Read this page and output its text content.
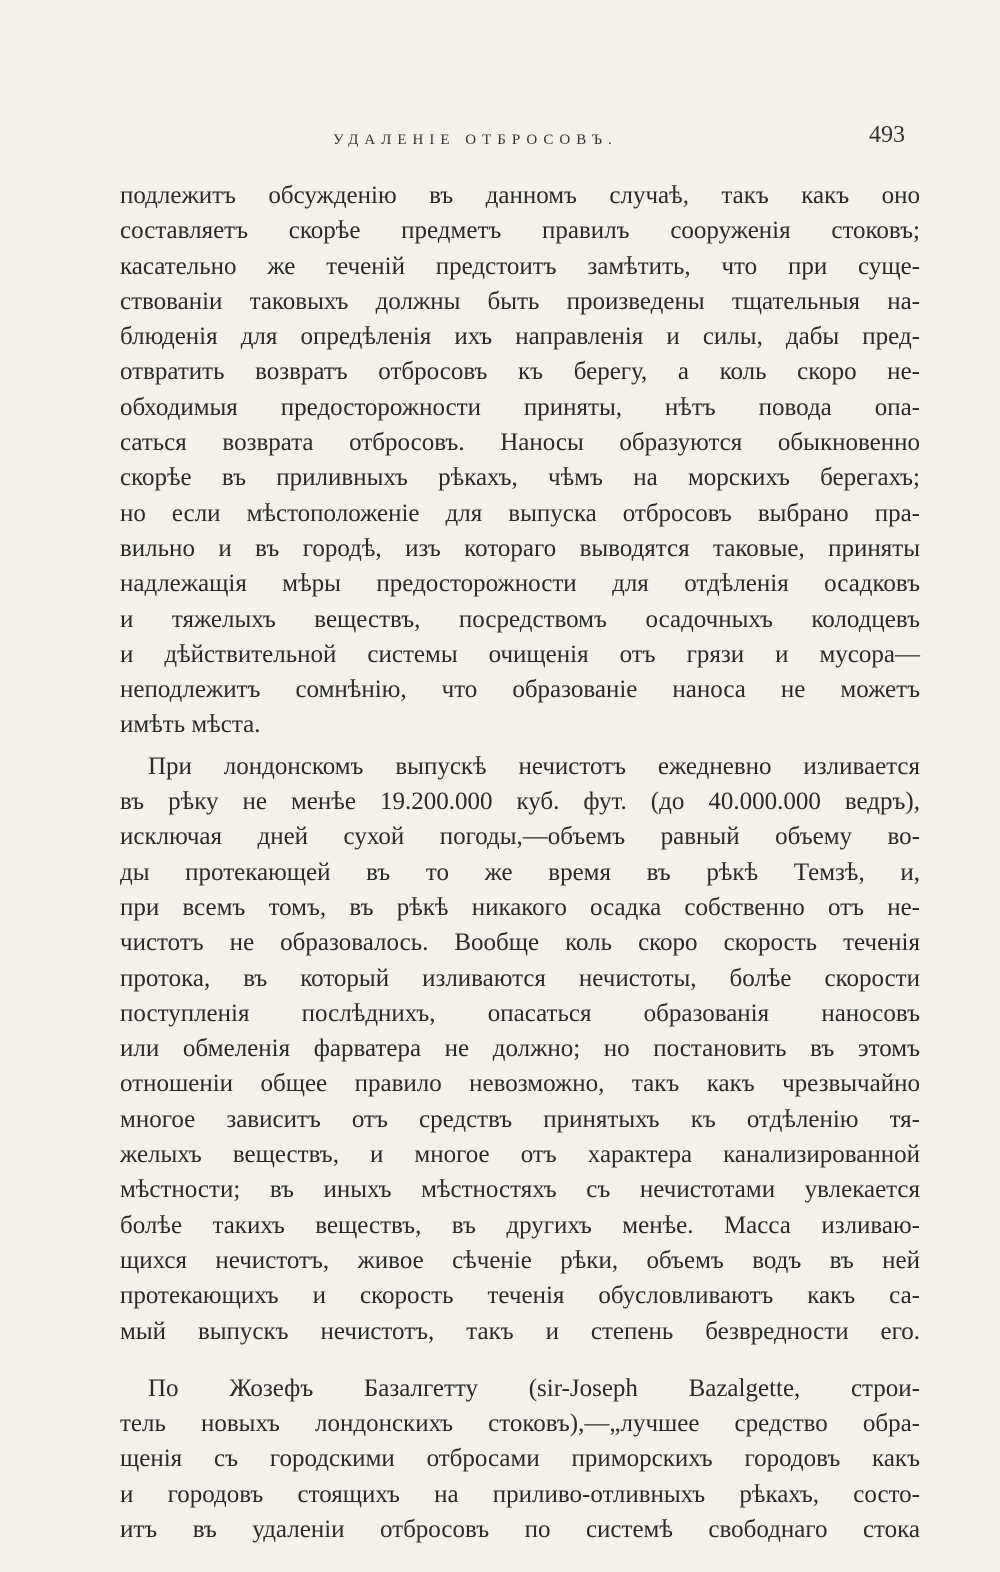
УДАЛЕНІЕ ОТБРОСОВЪ.	493
подлежитъ обсужденію въ данномъ случаѣ, такъ какъ оно
составляетъ скорѣе предметъ правилъ сооруженія стоковъ;
касательно же теченій предстоитъ замѣтить, что при суще-
ствованіи таковыхъ должны быть произведены тщательныя на-
блюденія для опредѣленія ихъ направленія и силы, дабы пред-
отвратить возвратъ отбросовъ къ берегу, а коль скоро не-
обходимыя предосторожности приняты, нѣтъ повода опа-
саться возврата отбросовъ. Наносы образуются обыкновенно
скорѣе въ приливныхъ рѣкахъ, чѣмъ на морскихъ берегахъ;
но если мѣстоположеніе для выпуска отбросовъ выбрано пра-
вильно и въ городѣ, изъ котораго выводятся таковые, приняты
надлежащія мѣры предосторожности для отдѣленія осадковъ
и тяжелыхъ веществъ, посредствомъ осадочныхъ колодцевъ
и дѣйствительной системы очищенія отъ грязи и мусора—
неподлежитъ сомнѣнію, что образованіе наноса не можетъ
имѣть мѣста.
При лондонскомъ выпускѣ нечистотъ ежедневно изливается
въ рѣку не менѣе 19.200.000 куб. фут. (до 40.000.000 ведръ),
исключая дней сухой погоды,—объемъ равный объему во-
ды протекающей въ то же время въ рѣкѣ Темзѣ, и,
при всемъ томъ, въ рѣкѣ никакого осадка собственно отъ не-
чистотъ не образовалось. Вообще коль скоро скорость теченія
протока, въ который изливаются нечистоты, болѣе скорости
поступленія послѣднихъ, опасаться образованія наносовъ
или обмеленія фарватера не должно; но постановить въ этомъ
отношеніи общее правило невозможно, такъ какъ чрезвычайно
многое зависитъ отъ средствъ принятыхъ къ отдѣленію тя-
желыхъ веществъ, и многое отъ характера канализированной
мѣстности; въ иныхъ мѣстностяхъ съ нечистотами увлекается
болѣе такихъ веществъ, въ другихъ менѣе. Масса изливаю-
щихся нечистотъ, живое сѣченіе рѣки, объемъ водъ въ ней
протекающихъ и скорость теченія обусловливаютъ какъ са-
мый выпускъ нечистотъ, такъ и степень безвредности его.
По Жозефъ Базалгетту (sir-Joseph Bazalgette, строи-
тель новыхъ лондонскихъ стоковъ),—„лучшее средство обра-
щенія съ городскими отбросами приморскихъ городовъ какъ
и городовъ стоящихъ на приливо-отливныхъ рѣкахъ, состо-
итъ въ удаленіи отбросовъ по системѣ свободнаго стока
